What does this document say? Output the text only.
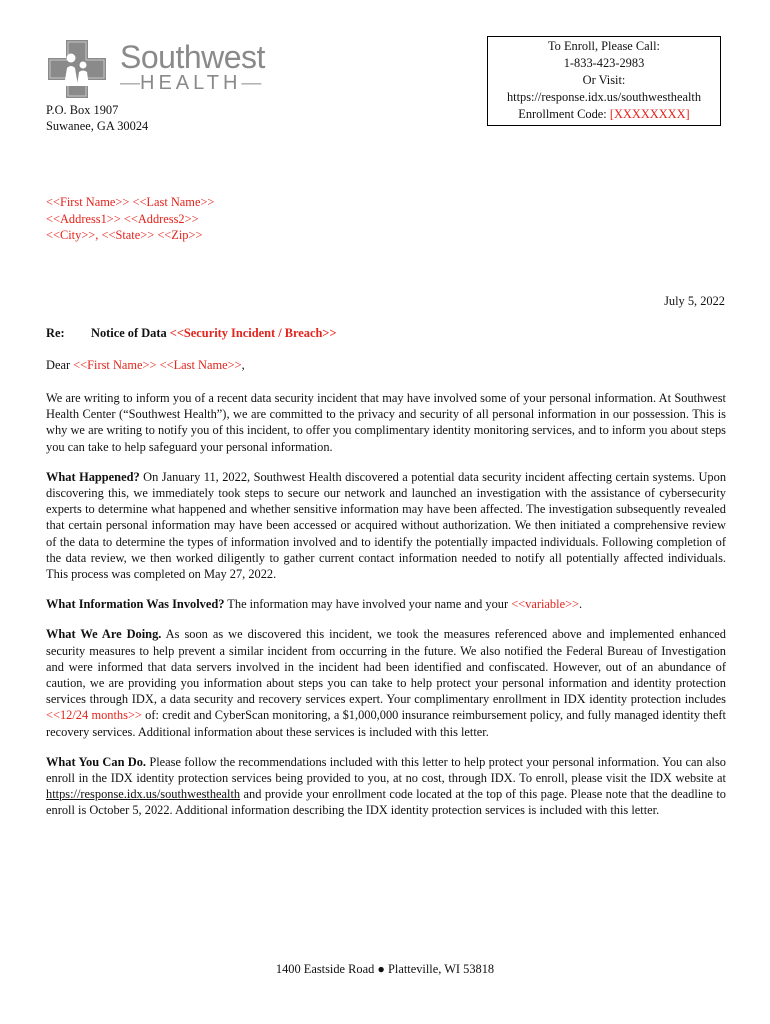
Southwest
— HEALTH —
P.O. Box 1907
Suwanee, GA 30024
To Enroll, Please Call:
1-833-423-2983
Or Visit:
https://response.idx.us/southwesthealth
Enrollment Code: [XXXXXXXX]
<<First Name>> <<Last Name>>
<<Address1>> <<Address2>>
<<City>>, <<State>> <<Zip>>
July 5, 2022
Re: Notice of Data <<Security Incident / Breach>>
Dear <<First Name>> <<Last Name>>,

We are writing to inform you of a recent data security incident that may have involved some of your personal information. At Southwest Health Center (“Southwest Health”), we are committed to the privacy and security of all personal information in our possession. This is why we are writing to notify you of this incident, to offer you complimentary identity monitoring services, and to inform you about steps you can take to help safeguard your personal information.

What Happened? On January 11, 2022, Southwest Health discovered a potential data security incident affecting certain systems. Upon discovering this, we immediately took steps to secure our network and launched an investigation with the assistance of cybersecurity experts to determine what happened and whether sensitive information may have been affected. The investigation subsequently revealed that certain personal information may have been accessed or acquired without authorization. We then initiated a comprehensive review of the data to determine the types of information involved and to identify the potentially impacted individuals. Following completion of the data review, we then worked diligently to gather current contact information needed to notify all potentially affected individuals. This process was completed on May 27, 2022.

What Information Was Involved? The information may have involved your name and your <<variable>>.

What We Are Doing. As soon as we discovered this incident, we took the measures referenced above and implemented enhanced security measures to help prevent a similar incident from occurring in the future. We also notified the Federal Bureau of Investigation and were informed that data servers involved in the incident had been identified and confiscated. However, out of an abundance of caution, we are providing you information about steps you can take to help protect your personal information and identity protection services through IDX, a data security and recovery services expert. Your complimentary enrollment in IDX identity protection includes <<12/24 months>> of: credit and CyberScan monitoring, a $1,000,000 insurance reimbursement policy, and fully managed identity theft recovery services. Additional information about these services is included with this letter.

What You Can Do. Please follow the recommendations included with this letter to help protect your personal information. You can also enroll in the IDX identity protection services being provided to you, at no cost, through IDX. To enroll, please visit the IDX website at https://response.idx.us/southwesthealth and provide your enrollment code located at the top of this page. Please note that the deadline to enroll is October 5, 2022. Additional information describing the IDX identity protection services is included with this letter.

1400 Eastside Road ● Platteville, WI 53818
